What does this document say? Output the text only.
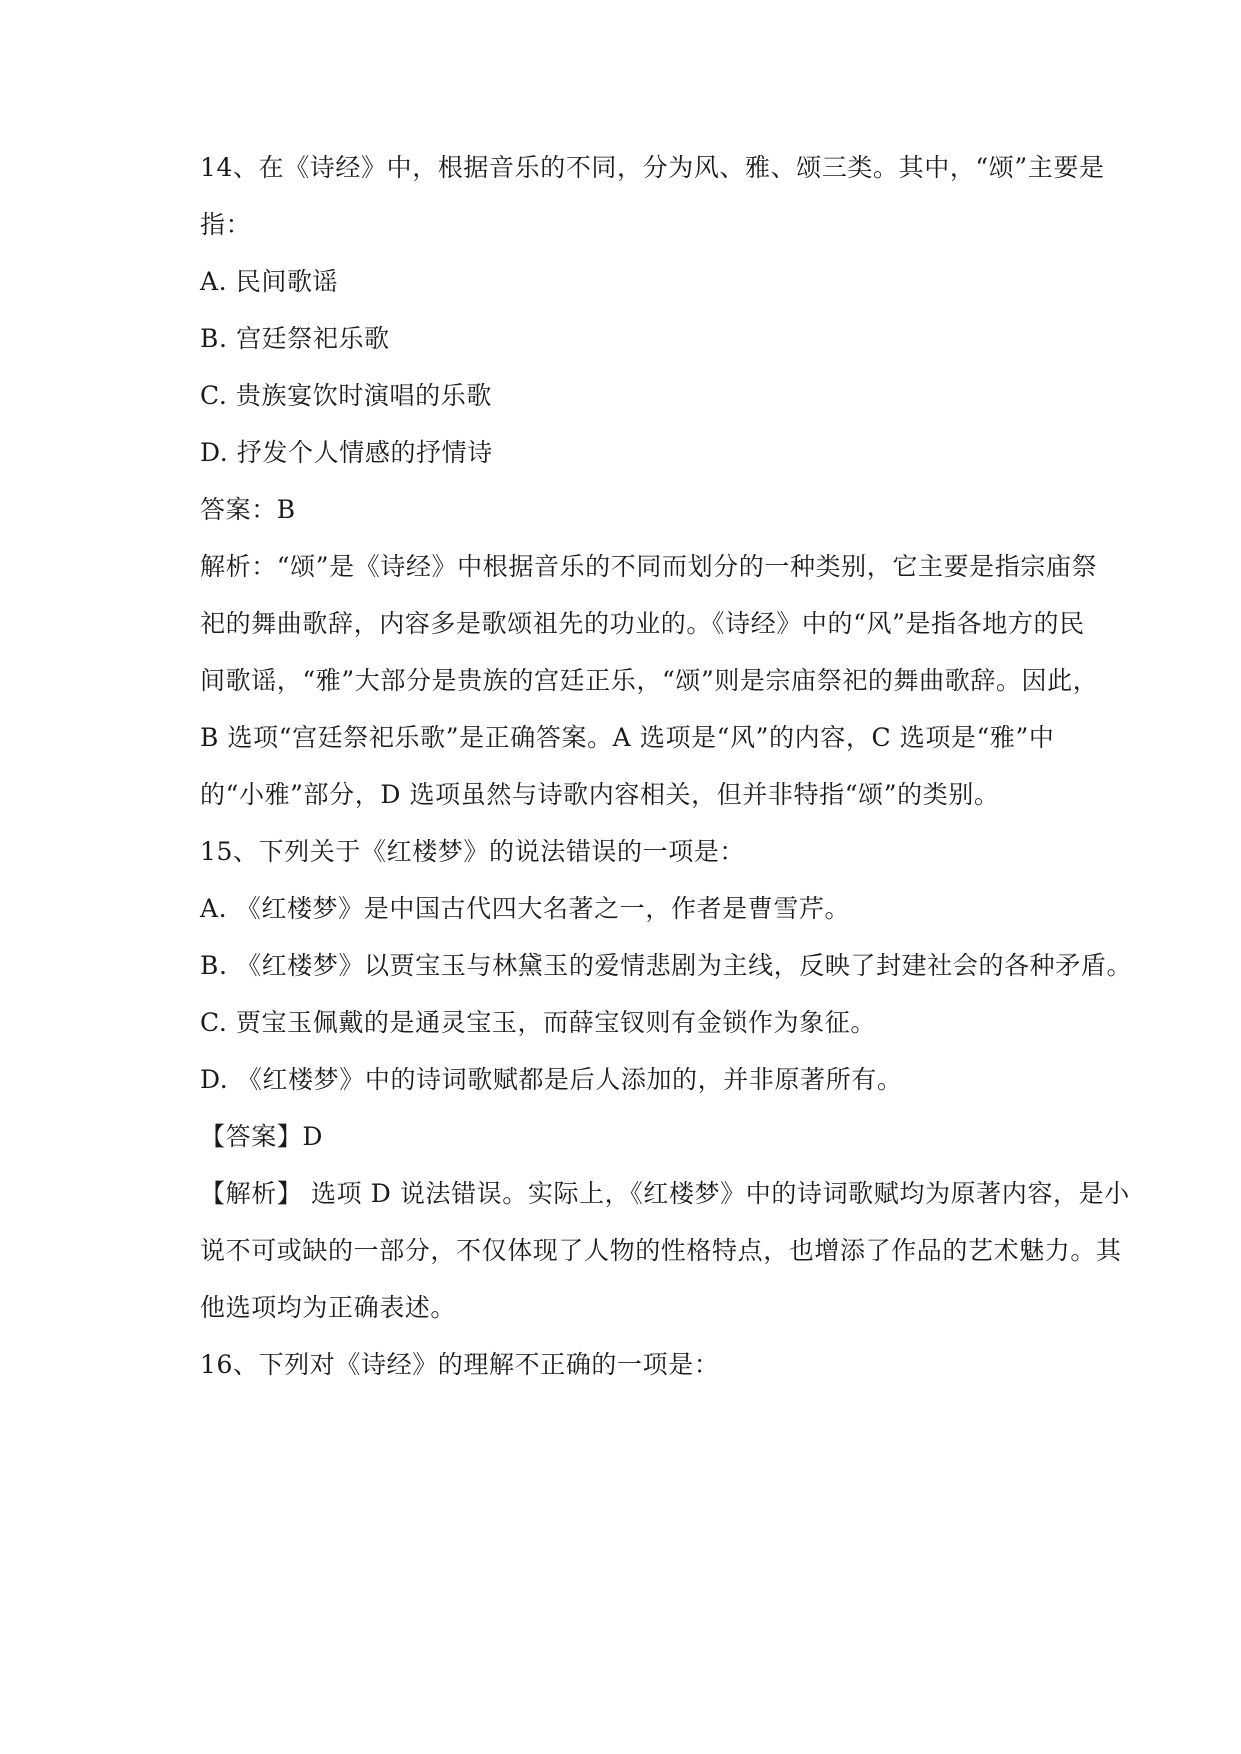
14、在《诗经》中，根据音乐的不同，分为风、雅、颂三类。其中，“颂”主要是
指：
A. 民间歌谣
B. 宫廷祭祀乐歌
C. 贵族宴饮时演唱的乐歌
D. 抒发个人情感的抒情诗
答案：B
解析：“颂”是《诗经》中根据音乐的不同而划分的一种类别，它主要是指宗庙祭
祀的舞曲歌辞，内容多是歌颂祖先的功业的。《诗经》中的“风”是指各地方的民
间歌谣，“雅”大部分是贵族的宫廷正乐，“颂”则是宗庙祭祀的舞曲歌辞。因此，
B 选项“宫廷祭祀乐歌”是正确答案。A 选项是“风”的内容，C 选项是“雅”中
的“小雅”部分，D 选项虽然与诗歌内容相关，但并非特指“颂”的类别。
15、下列关于《红楼梦》的说法错误的一项是：
A. 《红楼梦》是中国古代四大名著之一，作者是曹雪芹。
B. 《红楼梦》以贾宝玉与林黛玉的爱情悲剧为主线，反映了封建社会的各种矛盾。
C. 贾宝玉佩戴的是通灵宝玉，而薛宝钗则有金锁作为象征。
D. 《红楼梦》中的诗词歌赋都是后人添加的，并非原著所有。
【答案】D
【解析】 选项 D 说法错误。实际上，《红楼梦》中的诗词歌赋均为原著内容，是小
说不可或缺的一部分，不仅体现了人物的性格特点，也增添了作品的艺术魅力。其
他选项均为正确表述。
16、下列对《诗经》的理解不正确的一项是：
